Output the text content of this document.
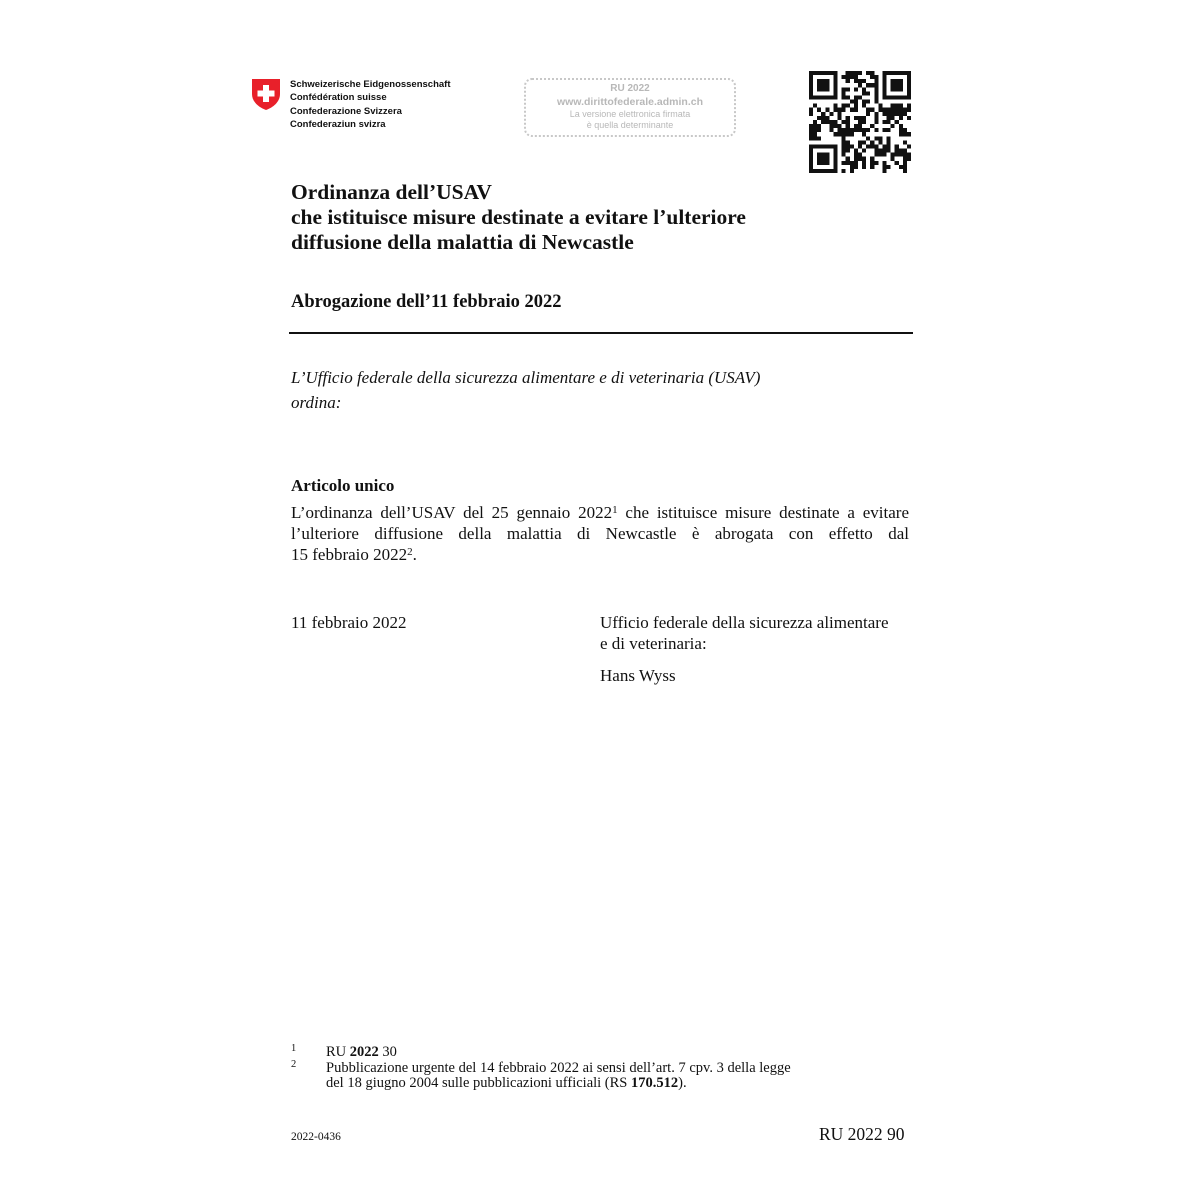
Schweizerische Eidgenossenschaft
Confédération suisse
Confederazione Svizzera
Confederaziun svizra
RU 2022
www.dirittofederale.admin.ch
La versione elettronica firmata
è quella determinante
Ordinanza dell’USAV
che istituisce misure destinate a evitare l’ulteriore
diffusione della malattia di Newcastle
Abrogazione dell’11 febbraio 2022
L’Ufficio federale della sicurezza alimentare e di veterinaria (USAV)
ordina:
Articolo unico
L’ordinanza dell’USAV del 25 gennaio 2022$^1$ che istituisce misure destinate a evitare
l’ulteriore diffusione della malattia di Newcastle è abrogata con effetto dal
15 febbraio 2022$^2$.
11 febbraio 2022	Ufficio federale della sicurezza alimentare
e di veterinaria:
Hans Wyss
1 RU 2022 30
2 Pubblicazione urgente del 14 febbraio 2022 ai sensi dell’art. 7 cpv. 3 della legge
del 18 giugno 2004 sulle pubblicazioni ufficiali (RS 170.512).
2022-0436	RU 2022 90
